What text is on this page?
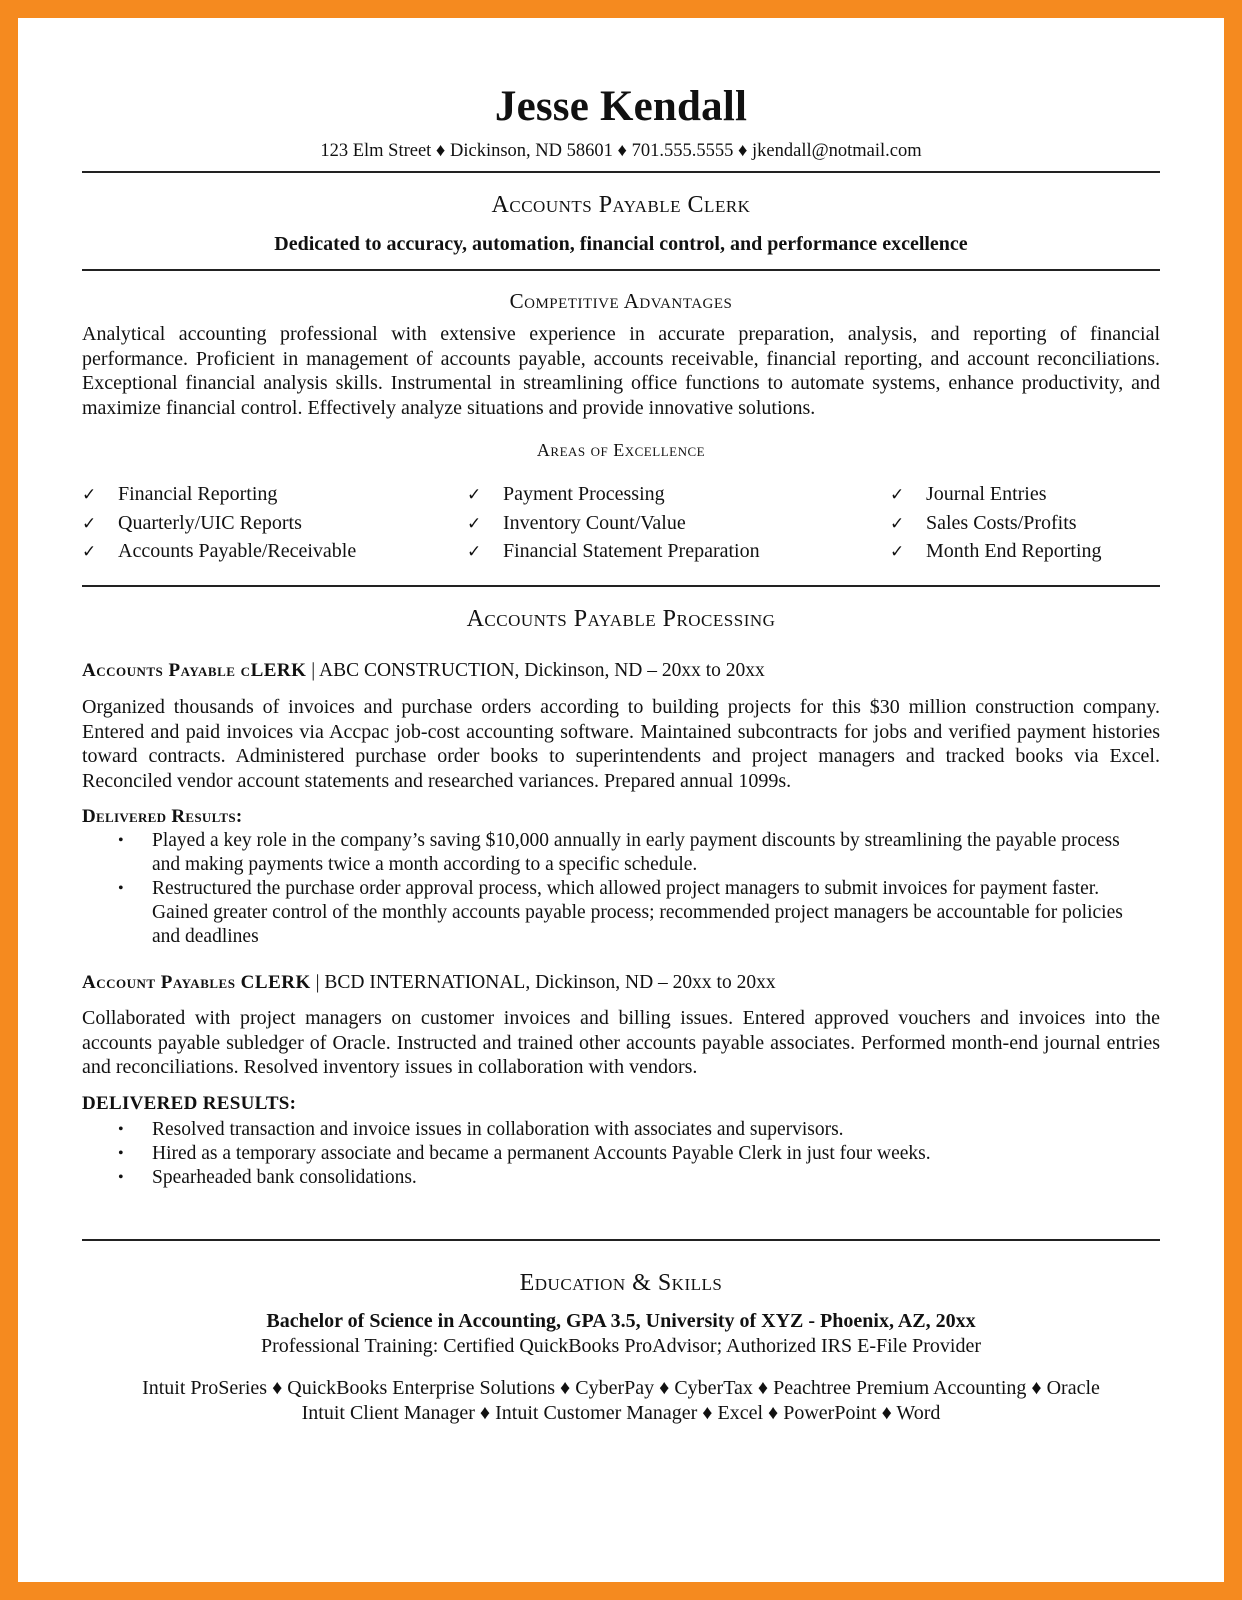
Jesse Kendall
123 Elm Street ♦ Dickinson, ND 58601 ♦ 701.555.5555 ♦ jkendall@notmail.com
Accounts Payable Clerk
Dedicated to accuracy, automation, financial control, and performance excellence
Competitive Advantages
Analytical accounting professional with extensive experience in accurate preparation, analysis, and reporting of financial performance. Proficient in management of accounts payable, accounts receivable, financial reporting, and account reconciliations. Exceptional financial analysis skills. Instrumental in streamlining office functions to automate systems, enhance productivity, and maximize financial control. Effectively analyze situations and provide innovative solutions.
Areas of Excellence
✓ Financial Reporting
✓ Quarterly/UIC Reports
✓ Accounts Payable/Receivable
✓ Payment Processing
✓ Inventory Count/Value
✓ Financial Statement Preparation
✓ Journal Entries
✓ Sales Costs/Profits
✓ Month End Reporting
Accounts Payable Processing
Accounts Payable cLERK | ABC CONSTRUCTION, Dickinson, ND – 20xx to 20xx
Organized thousands of invoices and purchase orders according to building projects for this $30 million construction company. Entered and paid invoices via Accpac job-cost accounting software. Maintained subcontracts for jobs and verified payment histories toward contracts. Administered purchase order books to superintendents and project managers and tracked books via Excel. Reconciled vendor account statements and researched variances. Prepared annual 1099s.
Delivered Results:
• Played a key role in the company’s saving $10,000 annually in early payment discounts by streamlining the payable process and making payments twice a month according to a specific schedule.
• Restructured the purchase order approval process, which allowed project managers to submit invoices for payment faster. Gained greater control of the monthly accounts payable process; recommended project managers be accountable for policies and deadlines
Account Payables CLERK | BCD INTERNATIONAL, Dickinson, ND – 20xx to 20xx
Collaborated with project managers on customer invoices and billing issues. Entered approved vouchers and invoices into the accounts payable subledger of Oracle. Instructed and trained other accounts payable associates. Performed month-end journal entries and reconciliations. Resolved inventory issues in collaboration with vendors.
DELIVERED RESULTS:
• Resolved transaction and invoice issues in collaboration with associates and supervisors.
• Hired as a temporary associate and became a permanent Accounts Payable Clerk in just four weeks.
• Spearheaded bank consolidations.
Education & Skills
Bachelor of Science in Accounting, GPA 3.5, University of XYZ - Phoenix, AZ, 20xx
Professional Training: Certified QuickBooks ProAdvisor; Authorized IRS E-File Provider
Intuit ProSeries ♦ QuickBooks Enterprise Solutions ♦ CyberPay ♦ CyberTax ♦ Peachtree Premium Accounting ♦ Oracle
Intuit Client Manager ♦ Intuit Customer Manager ♦ Excel ♦ PowerPoint ♦ Word
